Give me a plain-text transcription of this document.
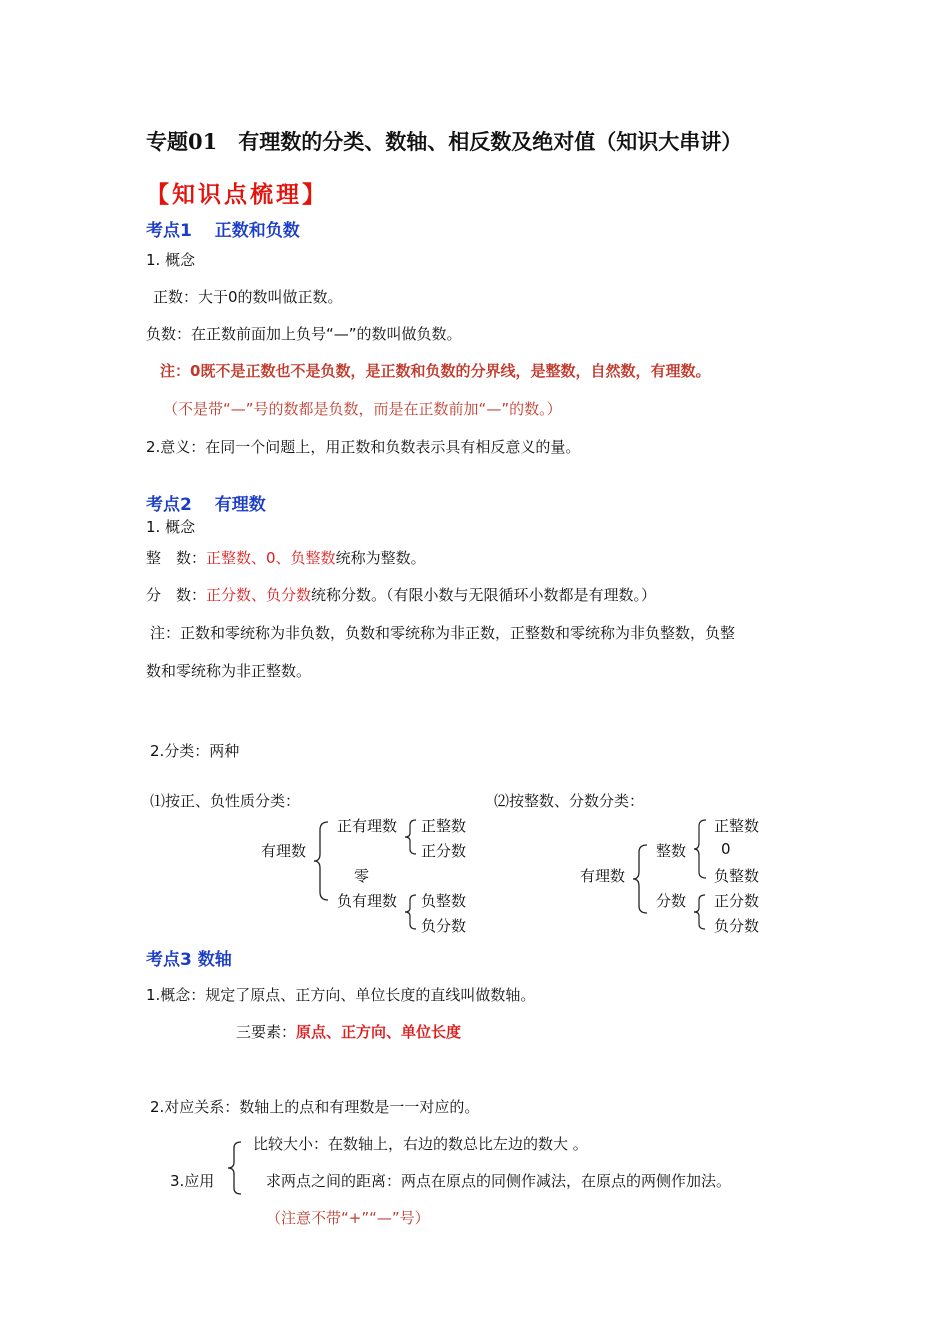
专题01　有理数的分类、数轴、相反数及绝对值（知识大串讲）
【知识点梳理】
考点1　 正数和负数
1. 概念
正数：大于0的数叫做正数。
负数：在正数前面加上负号“—”的数叫做负数。
注：0既不是正数也不是负数，是正数和负数的分界线，是整数，自然数，有理数。
（不是带“—”号的数都是负数，而是在正数前加“—”的数。）
2.意义：在同一个问题上，用正数和负数表示具有相反意义的量。
考点2　 有理数
1. 概念
整　数：正整数、0、负整数统称为整数。
分　数：正分数、负分数统称分数。（有限小数与无限循环小数都是有理数。）
注：正数和零统称为非负数，负数和零统称为非正数，正整数和零统称为非负整数，负整
数和零统称为非正整数。
2.分类：两种
⑴按正、负性质分类：
有理数
正有理数 正整数
正分数
零
负有理数 负整数
负分数
⑵按整数、分数分类：
有理数
整数
正整数
0
负整数
分数 正分数
负分数
考点3 数轴
1.概念：规定了原点、正方向、单位长度的直线叫做数轴。
三要素：原点、正方向、单位长度
2.对应关系：数轴上的点和有理数是一一对应的。
3.应用
比较大小：在数轴上，右边的数总比左边的数大 。
求两点之间的距离：两点在原点的同侧作减法，在原点的两侧作加法。
（注意不带“+”“—”号）
